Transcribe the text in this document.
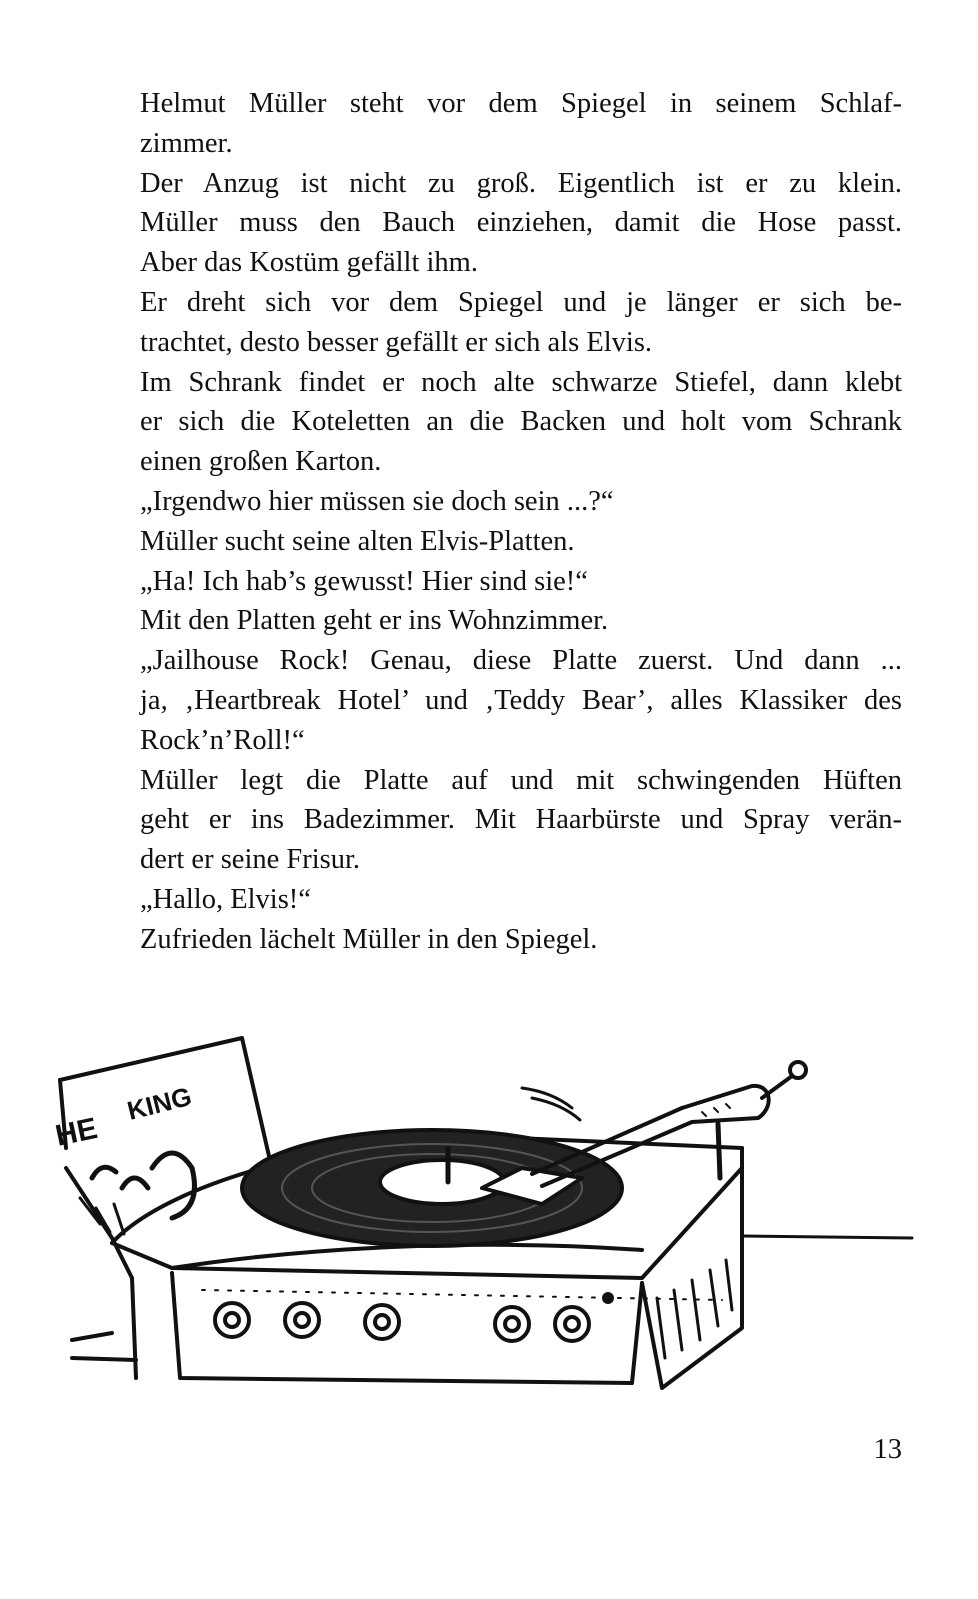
Helmut Müller steht vor dem Spiegel in seinem Schlaf-
zimmer.
Der Anzug ist nicht zu groß. Eigentlich ist er zu klein.
Müller muss den Bauch einziehen, damit die Hose passt.
Aber das Kostüm gefällt ihm.
Er dreht sich vor dem Spiegel und je länger er sich be-
trachtet, desto besser gefällt er sich als Elvis.
Im Schrank findet er noch alte schwarze Stiefel, dann klebt
er sich die Koteletten an die Backen und holt vom Schrank
einen großen Karton.
„Irgendwo hier müssen sie doch sein ...?“
Müller sucht seine alten Elvis-Platten.
„Ha! Ich hab’s gewusst! Hier sind sie!“
Mit den Platten geht er ins Wohnzimmer.
„Jailhouse Rock! Genau, diese Platte zuerst. Und dann ...
ja, ‚Heartbreak Hotel’ und ‚Teddy Bear’, alles Klassiker des
Rock’n’Roll!“
Müller legt die Platte auf und mit schwingenden Hüften
geht er ins Badezimmer. Mit Haarbürste und Spray verän-
dert er seine Frisur.
„Hallo, Elvis!“
Zufrieden lächelt Müller in den Spiegel.
HE
KING
13
